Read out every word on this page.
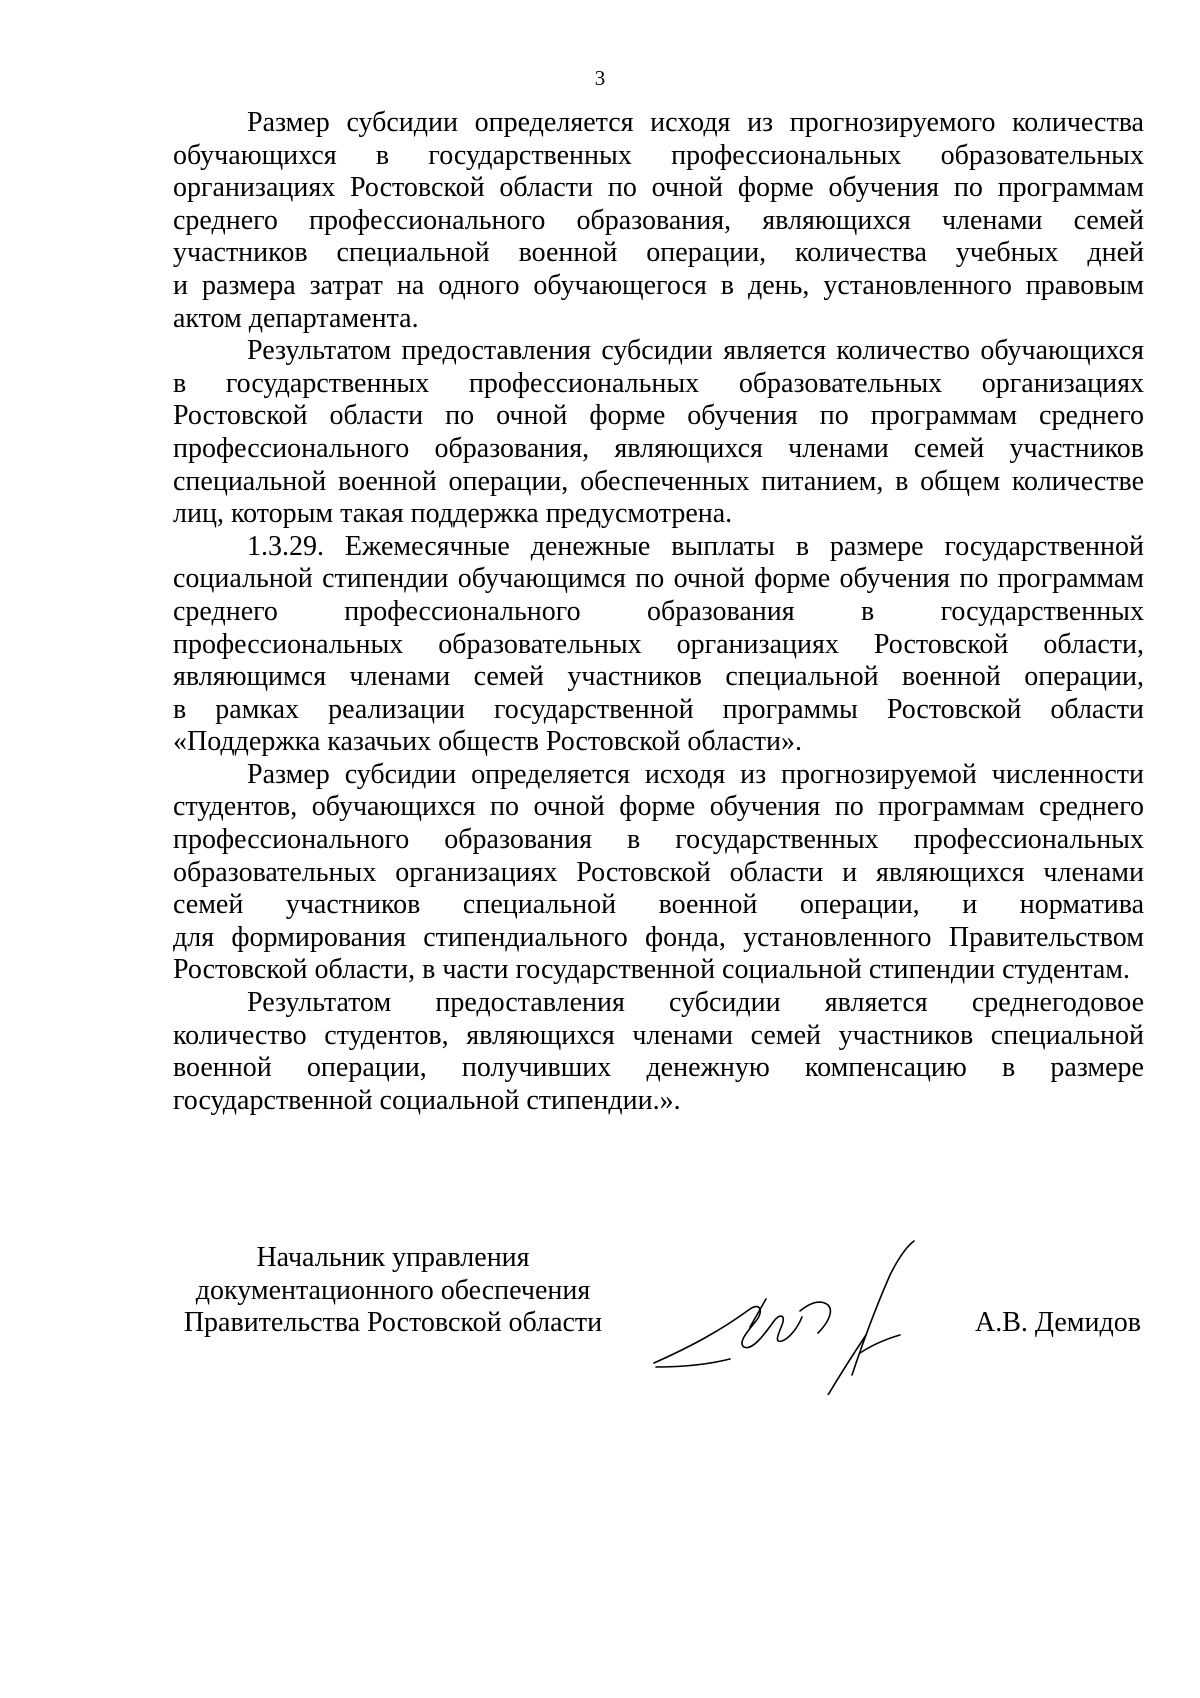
3

Размер субсидии определяется исходя из прогнозируемого количества
обучающихся в государственных профессиональных образовательных
организациях Ростовской области по очной форме обучения по программам
среднего профессионального образования, являющихся членами семей
участников специальной военной операции, количества учебных дней
и размера затрат на одного обучающегося в день, установленного правовым
актом департамента.

Результатом предоставления субсидии является количество обучающихся
в государственных профессиональных образовательных организациях
Ростовской области по очной форме обучения по программам среднего
профессионального образования, являющихся членами семей участников
специальной военной операции, обеспеченных питанием, в общем количестве
лиц, которым такая поддержка предусмотрена.

1.3.29. Ежемесячные денежные выплаты в размере государственной
социальной стипендии обучающимся по очной форме обучения по программам
среднего профессионального образования в государственных
профессиональных образовательных организациях Ростовской области,
являющимся членами семей участников специальной военной операции,
в рамках реализации государственной программы Ростовской области
«Поддержка казачьих обществ Ростовской области».

Размер субсидии определяется исходя из прогнозируемой численности
студентов, обучающихся по очной форме обучения по программам среднего
профессионального образования в государственных профессиональных
образовательных организациях Ростовской области и являющихся членами
семей участников специальной военной операции, и норматива
для формирования стипендиального фонда, установленного Правительством
Ростовской области, в части государственной социальной стипендии студентам.

Результатом предоставления субсидии является среднегодовое
количество студентов, являющихся членами семей участников специальной
военной операции, получивших денежную компенсацию в размере
государственной социальной стипендии.».

Начальник управления
документационного обеспечения
Правительства Ростовской области	А.В. Демидов
